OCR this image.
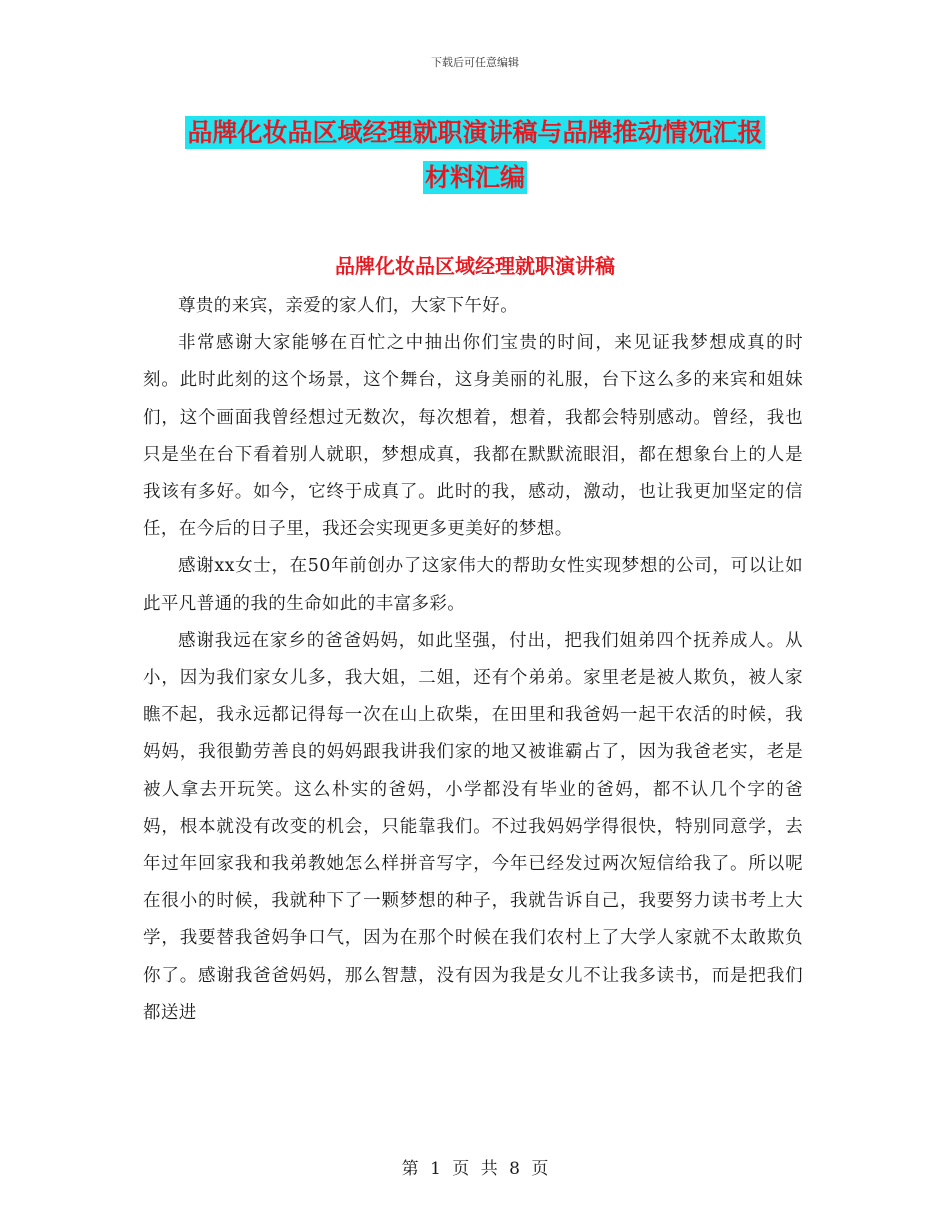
下载后可任意编辑
品牌化妆品区域经理就职演讲稿与品牌推动情况汇报
材料汇编
品牌化妆品区域经理就职演讲稿

尊贵的来宾，亲爱的家人们，大家下午好。

非常感谢大家能够在百忙之中抽出你们宝贵的时间，来见证我梦想成真的时刻。此时此刻的这个场景，这个舞台，这身美丽的礼服，台下这么多的来宾和姐妹们，这个画面我曾经想过无数次，每次想着，想着，我都会特别感动。曾经，我也只是坐在台下看着别人就职，梦想成真，我都在默默流眼泪，都在想象台上的人是我该有多好。如今，它终于成真了。此时的我，感动，激动，也让我更加坚定的信任，在今后的日子里，我还会实现更多更美好的梦想。

感谢xx女士，在50年前创办了这家伟大的帮助女性实现梦想的公司，可以让如此平凡普通的我的生命如此的丰富多彩。

感谢我远在家乡的爸爸妈妈，如此坚强，付出，把我们姐弟四个抚养成人。从小，因为我们家女儿多，我大姐，二姐，还有个弟弟。家里老是被人欺负，被人家瞧不起，我永远都记得每一次在山上砍柴，在田里和我爸妈一起干农活的时候，我妈妈，我很勤劳善良的妈妈跟我讲我们家的地又被谁霸占了，因为我爸老实，老是被人拿去开玩笑。这么朴实的爸妈，小学都没有毕业的爸妈，都不认几个字的爸妈，根本就没有改变的机会，只能靠我们。不过我妈妈学得很快，特别同意学，去年过年回家我和我弟教她怎么样拼音写字，今年已经发过两次短信给我了。所以呢在很小的时候，我就种下了一颗梦想的种子，我就告诉自己，我要努力读书考上大学，我要替我爸妈争口气，因为在那个时候在我们农村上了大学人家就不太敢欺负你了。感谢我爸爸妈妈，那么智慧，没有因为我是女儿不让我多读书，而是把我们都送进

第 1 页 共 8 页
